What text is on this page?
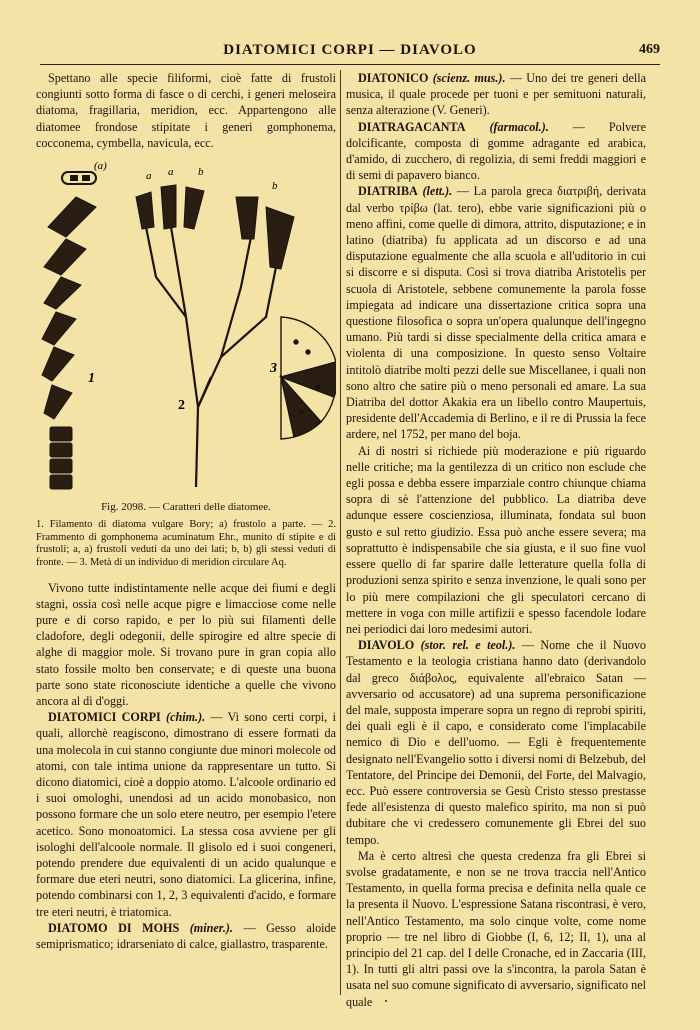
DIATOMICI CORPI — DIAVOLO	469

Spettano alle specie filiformi, cioè fatte di frustoli congiunti sotto forma di fasce o di cerchi, i generi meloseira diatoma, fragillaria, meridion, ecc. Appartengono alle diatomee frondose stipitate i generi gomphonema, cocconema, cymbella, navicula, ecc.

(a)
a a b
b
1
2
3

Fig. 2098. — Caratteri delle diatomee.

1. Filamento di diatoma vulgare Bory; a) frustolo a parte. — 2. Frammento di gomphonema acuminatum Ehr., munito di stipite e di frustoli; a, a) frustoli veduti da uno dei lati; b, b) gli stessi veduti di fronte. — 3. Metà di un individuo di meridion circulare Aq.

Vivono tutte indistintamente nelle acque dei fiumi e degli stagni, ossia così nelle acque pigre e limacciose come nelle pure e di corso rapido, e per lo più sui filamenti delle cladofore, degli odegonii, delle spirogire ed altre specie di alghe di maggior mole. Si trovano pure in gran copia allo stato fossile molto ben conservate; e di queste una buona parte sono state riconosciute identiche a quelle che vivono ancora al dì d'oggi.

DIATOMICI CORPI (chim.). — Vi sono certi corpi, i quali, allorchè reagiscono, dimostrano di essere formati da una molecola in cui stanno congiunte due minori molecole od atomi, con tale intima unione da rappresentare un tutto. Si dicono diatomici, cioè a doppio atomo. L'alcoole ordinario ed i suoi omologhi, unendosi ad un acido monobasico, non possono formare che un solo etere neutro, per esempio l'etere acetico. Sono monoatomici. La stessa cosa avviene per gli isologhi dell'alcoole normale. Il glisolo ed i suoi congeneri, potendo prendere due equivalenti di un acido qualunque e formare due eteri neutri, sono diatomici. La glicerina, infine, potendo combinarsi con 1, 2, 3 equivalenti d'acido, e formare tre eteri neutri, è triatomica.

DIATOMO DI MOHS (miner.). — Gesso aloide semiprismatico; idrarseniato di calce, giallastro, trasparente.

DIATONICO (scienz. mus.). — Uno dei tre generi della musica, il quale procede per tuoni e per semituoni naturali, senza alterazione (V. Generi).

DIATRAGACANTA (farmacol.). — Polvere dolcificante, composta di gomme adragante ed arabica, d'amido, di zucchero, di regolizia, di semi freddi maggiori e di semi di papavero bianco.

DIATRIBA (lett.). — La parola greca διατριβή, derivata dal verbo τρίβω (lat. tero), ebbe varie significazioni più o meno affini, come quelle di dimora, attrito, disputazione; e in latino (diatriba) fu applicata ad un discorso e ad una disputazione egualmente che alla scuola e all'uditorio in cui si discorre e si disputa. Così si trova diatriba Aristotelis per scuola di Aristotele, sebbene comunemente la parola fosse impiegata ad indicare una dissertazione critica sopra una questione filosofica o sopra un'opera qualunque dell'ingegno umano. Più tardi si disse specialmente della critica amara e violenta di una composizione. In questo senso Voltaire intitolò diatribe molti pezzi delle sue Miscellanee, i quali non sono altro che satire più o meno personali ed amare. La sua Diatriba del dottor Akakia era un libello contro Maupertuis, presidente dell'Accademia di Berlino, e il re di Prussia la fece ardere, nel 1752, per mano del boja.

Ai dì nostri si richiede più moderazione e più riguardo nelle critiche; ma la gentilezza di un critico non esclude che egli possa e debba essere imparziale contro chiunque chiama sopra di sè l'attenzione del pubblico. La diatriba deve adunque essere coscienziosa, illuminata, fondata sul buon gusto e sul retto giudizio. Essa può anche essere severa; ma soprattutto è indispensabile che sia giusta, e il suo fine vuol essere quello di far sparire dalle letterature quella folla di produzioni senza spirito e senza invenzione, le quali sono per lo più mere compilazioni che gli speculatori cercano di mettere in voga con mille artifizii e spesso facendole lodare nei periodici dai loro medesimi autori.

DIAVOLO (stor. rel. e teol.). — Nome che il Nuovo Testamento e la teologia cristiana hanno dato (derivandolo dal greco διάβολος, equivalente all'ebraico Satan — avversario od accusatore) ad una suprema personificazione del male, supposta imperare sopra un regno di reprobi spiriti, dei quali egli è il capo, e considerato come l'implacabile nemico di Dio e dell'uomo. — Egli è frequentemente designato nell'Evangelio sotto i diversi nomi di Belzebub, del Tentatore, del Principe dei Demonii, del Forte, del Malvagio, ecc. Può essere controversia se Gesù Cristo stesso prestasse fede all'esistenza di questo malefico spirito, ma non si può dubitare che vi credessero comunemente gli Ebrei del suo tempo.

Ma è certo altresì che questa credenza fra gli Ebrei si svolse gradatamente, e non se ne trova traccia nell'Antico Testamento, in quella forma precisa e definita nella quale ce la presenta il Nuovo. L'espressione Satana riscontrasi, è vero, nell'Antico Testamento, ma solo cinque volte, come nome proprio — tre nel libro di Giobbe (I, 6, 12; II, 1), una al principio del 21 cap. del I delle Cronache, ed in Zaccaria (III, 1). In tutti gli altri passi ove la s'incontra, la parola Satan è usata nel suo comune significato di avversario, significato nel quale
